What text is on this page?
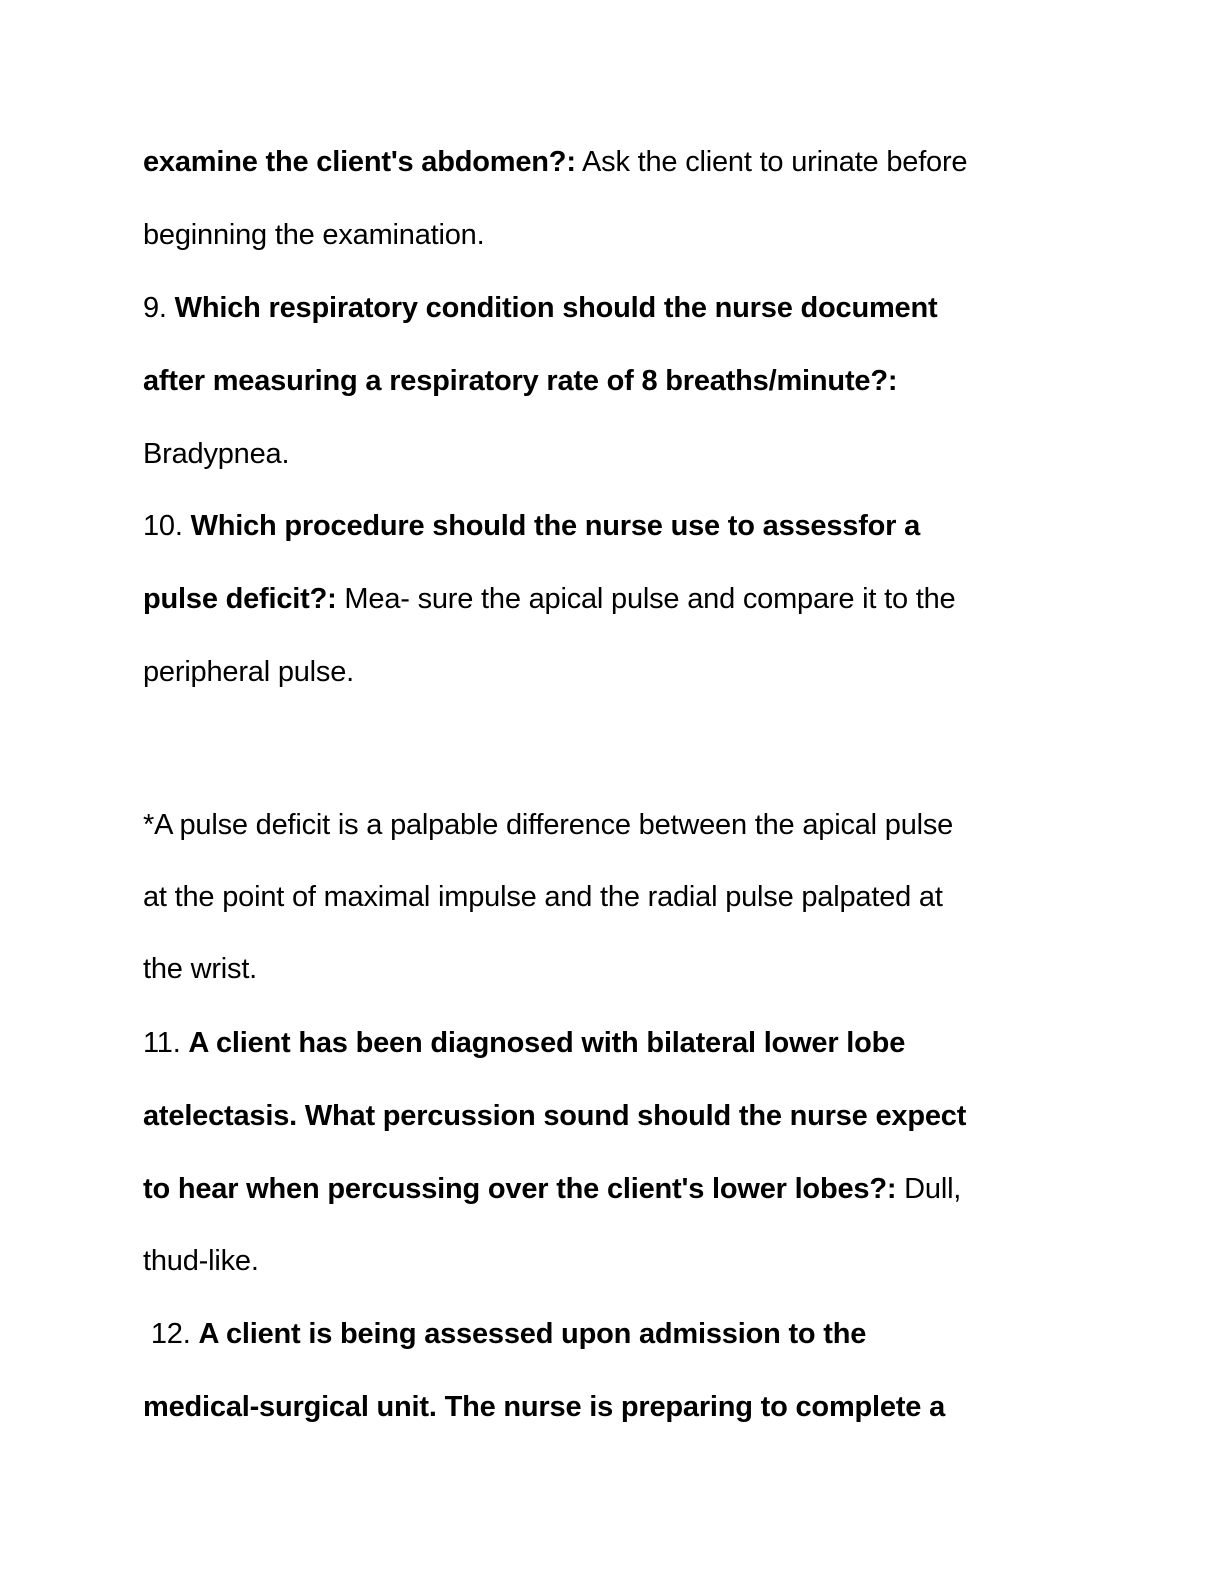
examine the client's abdomen?: Ask the client to urinate before
beginning the examination.
9. Which respiratory condition should the nurse document
after measuring a respiratory rate of 8 breaths/minute?:
Bradypnea.
10. Which procedure should the nurse use to assessfor a
pulse deficit?: Mea- sure the apical pulse and compare it to the
peripheral pulse.
*A pulse deficit is a palpable difference between the apical pulse
at the point of maximal impulse and the radial pulse palpated at
the wrist.
11. A client has been diagnosed with bilateral lower lobe
atelectasis. What percussion sound should the nurse expect
to hear when percussing over the client's lower lobes?: Dull,
thud-like.
12. A client is being assessed upon admission to the
medical-surgical unit. The nurse is preparing to complete a
